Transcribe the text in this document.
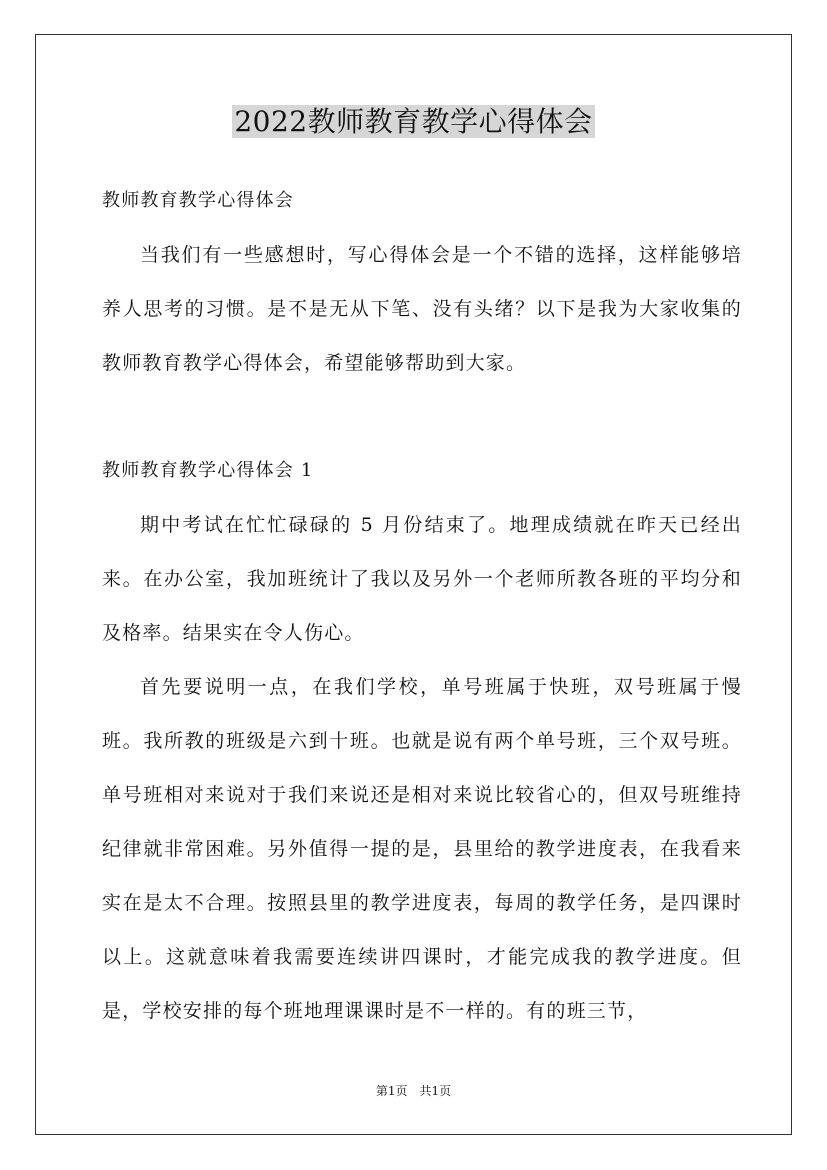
2022教师教育教学心得体会

教师教育教学心得体会

当我们有一些感想时，写心得体会是一个不错的选择，这样能够培养人思考的习惯。是不是无从下笔、没有头绪？以下是我为大家收集的教师教育教学心得体会，希望能够帮助到大家。

教师教育教学心得体会 1

期中考试在忙忙碌碌的 5 月份结束了。地理成绩就在昨天已经出来。在办公室，我加班统计了我以及另外一个老师所教各班的平均分和及格率。结果实在令人伤心。

首先要说明一点，在我们学校，单号班属于快班，双号班属于慢班。我所教的班级是六到十班。也就是说有两个单号班，三个双号班。单号班相对来说对于我们来说还是相对来说比较省心的，但双号班维持纪律就非常困难。另外值得一提的是，县里给的教学进度表，在我看来实在是太不合理。按照县里的教学进度表，每周的教学任务，是四课时以上。这就意味着我需要连续讲四课时，才能完成我的教学进度。但是，学校安排的每个班地理课课时是不一样的。有的班三节，

第1页 共1页
